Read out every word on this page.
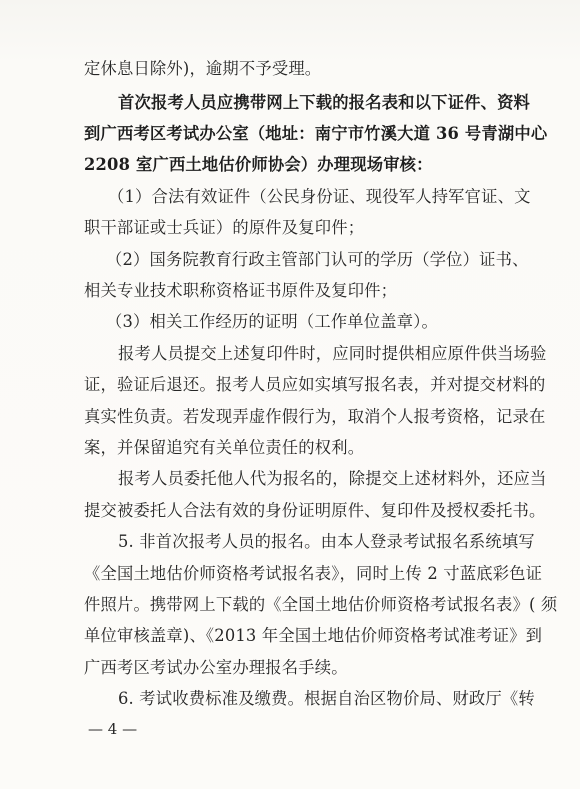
定休息日除外)，逾期不予受理。
首次报考人员应携带网上下载的报名表和以下证件、资料
到广西考区考试办公室（地址：南宁市竹溪大道 36 号青湖中心
2208 室广西土地估价师协会）办理现场审核：
（1）合法有效证件（公民身份证、现役军人持军官证、文
职干部证或士兵证）的原件及复印件；
（2）国务院教育行政主管部门认可的学历（学位）证书、
相关专业技术职称资格证书原件及复印件；
（3）相关工作经历的证明（工作单位盖章）。
报考人员提交上述复印件时，应同时提供相应原件供当场验
证，验证后退还。报考人员应如实填写报名表，并对提交材料的
真实性负责。若发现弄虚作假行为，取消个人报考资格，记录在
案，并保留追究有关单位责任的权利。
报考人员委托他人代为报名的，除提交上述材料外，还应当
提交被委托人合法有效的身份证明原件、复印件及授权委托书。
5. 非首次报考人员的报名。由本人登录考试报名系统填写
《全国土地估价师资格考试报名表》，同时上传 2 寸蓝底彩色证
件照片。携带网上下载的《全国土地估价师资格考试报名表》( 须
单位审核盖章)、《2013 年全国土地估价师资格考试准考证》到
广西考区考试办公室办理报名手续。
6. 考试收费标准及缴费。根据自治区物价局、财政厅《转
— 4 —
